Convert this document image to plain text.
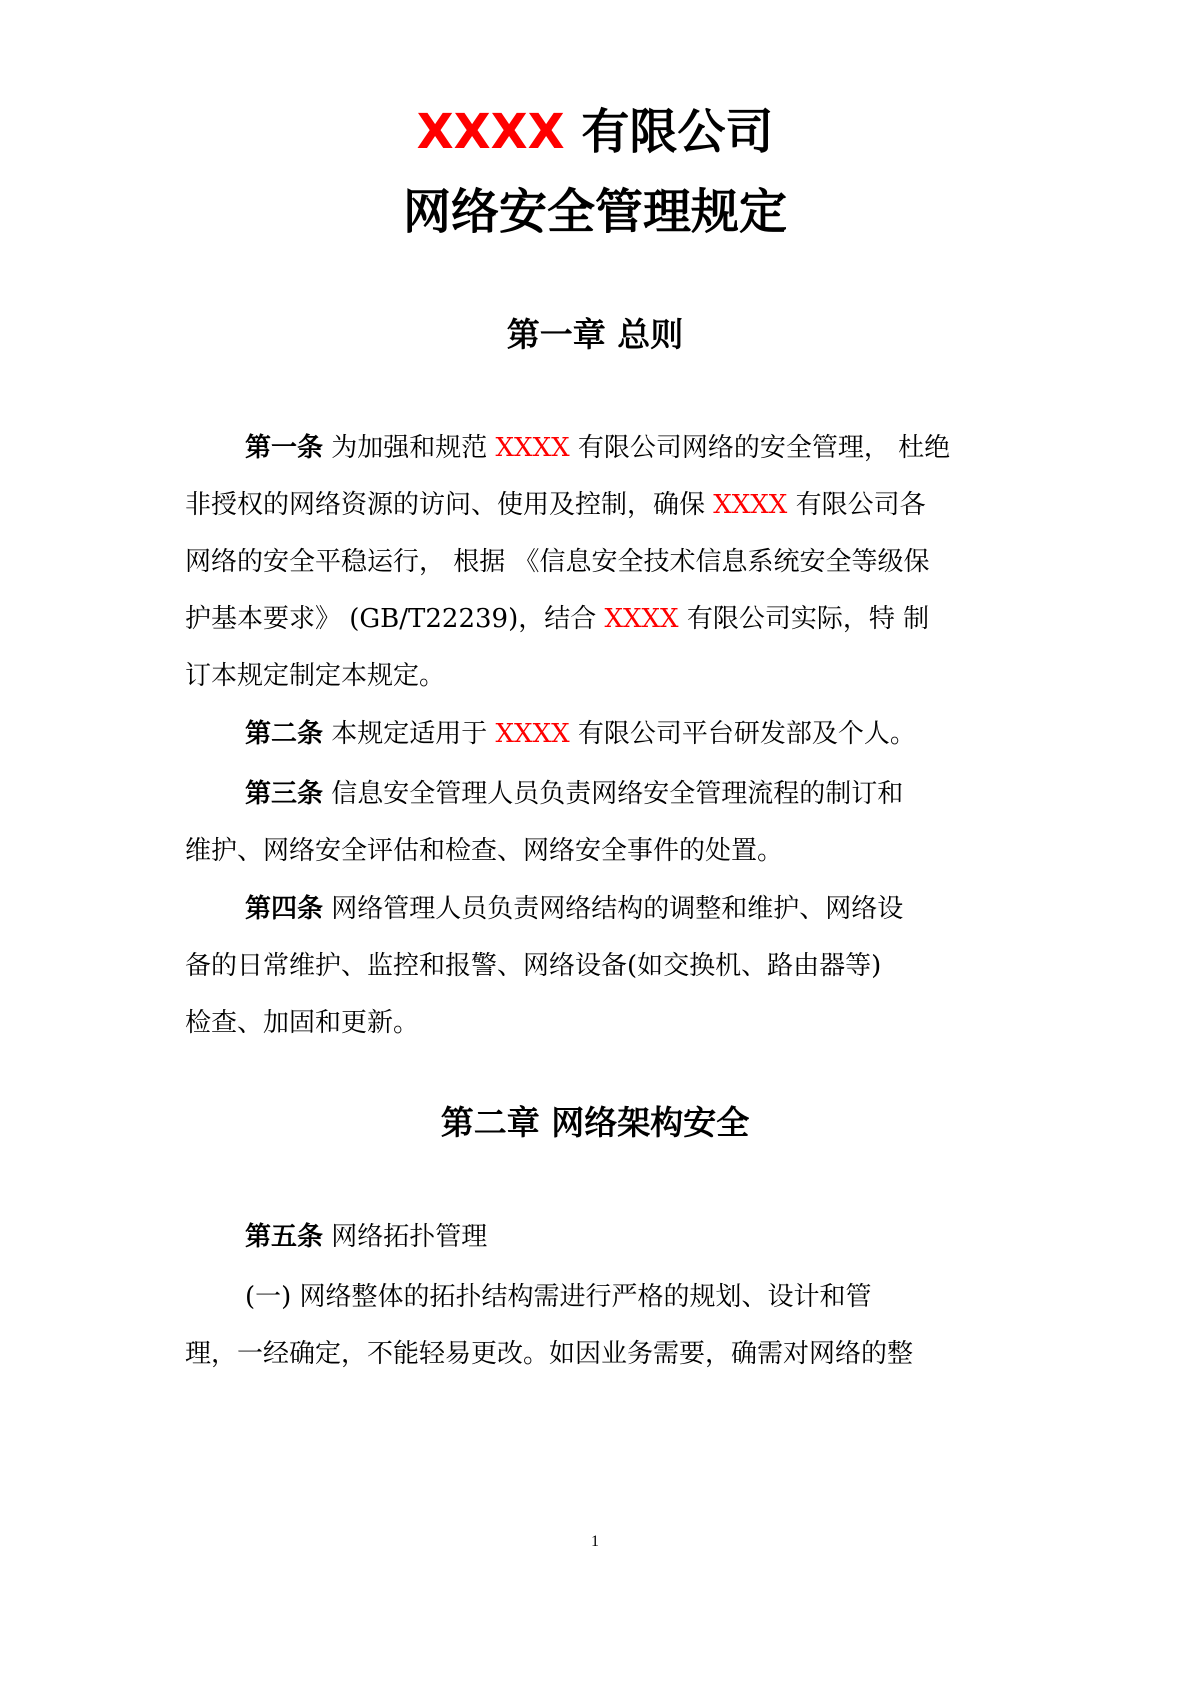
XXXX 有限公司
网络安全管理规定
第一章 总则

第一条 为加强和规范 XXXX 有限公司网络的安全管理， 杜绝

非授权的网络资源的访问、使用及控制，确保 XXXX 有限公司各

网络的安全平稳运行， 根据 《信息安全技术信息系统安全等级保

护基本要求》 (GB/T22239)，结合 XXXX 有限公司实际，特 制

订本规定制定本规定。

第二条 本规定适用于 XXXX 有限公司平台研发部及个人。

第三条 信息安全管理人员负责网络安全管理流程的制订和

维护、网络安全评估和检查、网络安全事件的处置。

第四条 网络管理人员负责网络结构的调整和维护、网络设

备的日常维护、监控和报警、网络设备(如交换机、路由器等)

检查、加固和更新。

第二章 网络架构安全

第五条 网络拓扑管理

(一) 网络整体的拓扑结构需进行严格的规划、设计和管

理，一经确定，不能轻易更改。如因业务需要，确需对网络的整

1
